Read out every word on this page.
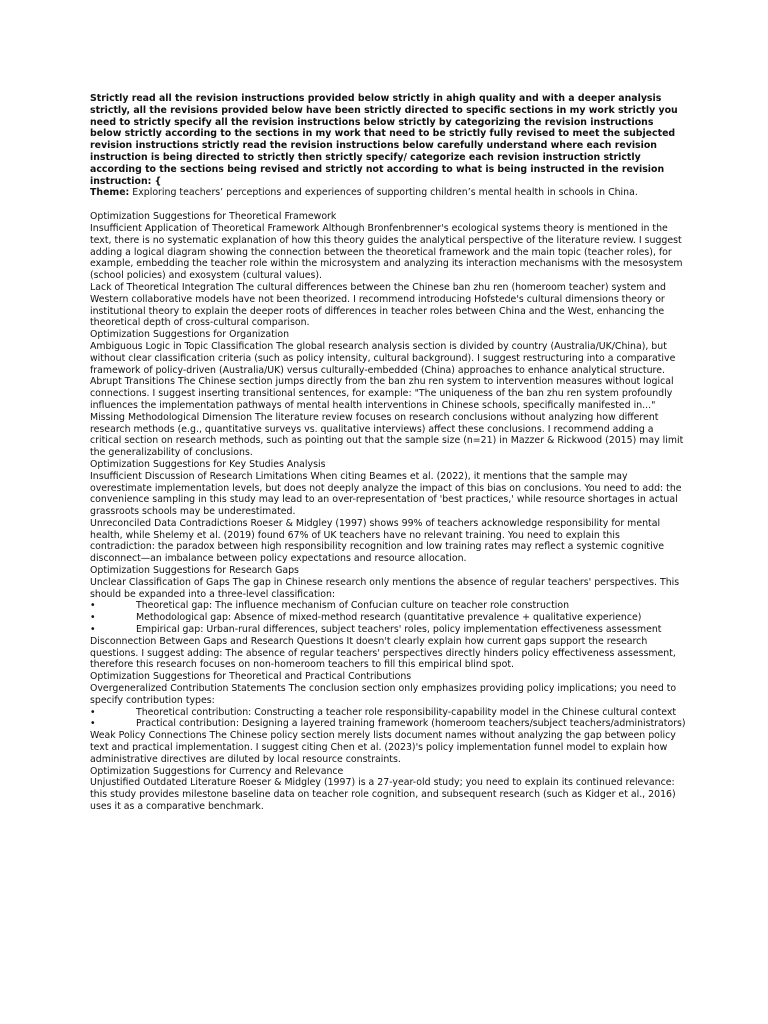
Strictly read all the revision instructions provided below strictly in ahigh quality and with a deeper analysis strictly, all the revisions provided below have been strictly directed to specific sections in my work strictly you need to strictly specify all the revision instructions below strictly by categorizing the revision instructions below strictly according to the sections in my work that need to be strictly fully revised to meet the subjected revision instructions strictly read the revision instructions below carefully understand where each revision instruction is being directed to strictly then strictly specify/ categorize each revision instruction strictly according to the sections being revised and strictly not according to what is being instructed in the revision instruction: {

Theme: Exploring teachers’ perceptions and experiences of supporting children’s mental health in schools in China.

Optimization Suggestions for Theoretical Framework

Insufficient Application of Theoretical Framework Although Bronfenbrenner's ecological systems theory is mentioned in the text, there is no systematic explanation of how this theory guides the analytical perspective of the literature review. I suggest adding a logical diagram showing the connection between the theoretical framework and the main topic (teacher roles), for example, embedding the teacher role within the microsystem and analyzing its interaction mechanisms with the mesosystem (school policies) and exosystem (cultural values).

Lack of Theoretical Integration The cultural differences between the Chinese ban zhu ren (homeroom teacher) system and Western collaborative models have not been theorized. I recommend introducing Hofstede's cultural dimensions theory or institutional theory to explain the deeper roots of differences in teacher roles between China and the West, enhancing the theoretical depth of cross-cultural comparison.

Optimization Suggestions for Organization

Ambiguous Logic in Topic Classification The global research analysis section is divided by country (Australia/UK/China), but without clear classification criteria (such as policy intensity, cultural background). I suggest restructuring into a comparative framework of policy-driven (Australia/UK) versus culturally-embedded (China) approaches to enhance analytical structure.

Abrupt Transitions The Chinese section jumps directly from the ban zhu ren system to intervention measures without logical connections. I suggest inserting transitional sentences, for example: "The uniqueness of the ban zhu ren system profoundly influences the implementation pathways of mental health interventions in Chinese schools, specifically manifested in..."

Missing Methodological Dimension The literature review focuses on research conclusions without analyzing how different research methods (e.g., quantitative surveys vs. qualitative interviews) affect these conclusions. I recommend adding a critical section on research methods, such as pointing out that the sample size (n=21) in Mazzer & Rickwood (2015) may limit the generalizability of conclusions.

Optimization Suggestions for Key Studies Analysis

Insufficient Discussion of Research Limitations When citing Beames et al. (2022), it mentions that the sample may overestimate implementation levels, but does not deeply analyze the impact of this bias on conclusions. You need to add: the convenience sampling in this study may lead to an over-representation of 'best practices,' while resource shortages in actual grassroots schools may be underestimated.

Unreconciled Data Contradictions Roeser & Midgley (1997) shows 99% of teachers acknowledge responsibility for mental health, while Shelemy et al. (2019) found 67% of UK teachers have no relevant training. You need to explain this contradiction: the paradox between high responsibility recognition and low training rates may reflect a systemic cognitive disconnect—an imbalance between policy expectations and resource allocation.

Optimization Suggestions for Research Gaps

Unclear Classification of Gaps The gap in Chinese research only mentions the absence of regular teachers' perspectives. This should be expanded into a three-level classification:

•	Theoretical gap: The influence mechanism of Confucian culture on teacher role construction
•	Methodological gap: Absence of mixed-method research (quantitative prevalence + qualitative experience)
•	Empirical gap: Urban-rural differences, subject teachers' roles, policy implementation effectiveness assessment

Disconnection Between Gaps and Research Questions It doesn't clearly explain how current gaps support the research questions. I suggest adding: The absence of regular teachers' perspectives directly hinders policy effectiveness assessment, therefore this research focuses on non-homeroom teachers to fill this empirical blind spot.

Optimization Suggestions for Theoretical and Practical Contributions

Overgeneralized Contribution Statements The conclusion section only emphasizes providing policy implications; you need to specify contribution types:

•	Theoretical contribution: Constructing a teacher role responsibility-capability model in the Chinese cultural context
•	Practical contribution: Designing a layered training framework (homeroom teachers/subject teachers/administrators)

Weak Policy Connections The Chinese policy section merely lists document names without analyzing the gap between policy text and practical implementation. I suggest citing Chen et al. (2023)'s policy implementation funnel model to explain how administrative directives are diluted by local resource constraints.

Optimization Suggestions for Currency and Relevance

Unjustified Outdated Literature Roeser & Midgley (1997) is a 27-year-old study; you need to explain its continued relevance: this study provides milestone baseline data on teacher role cognition, and subsequent research (such as Kidger et al., 2016) uses it as a comparative benchmark.
